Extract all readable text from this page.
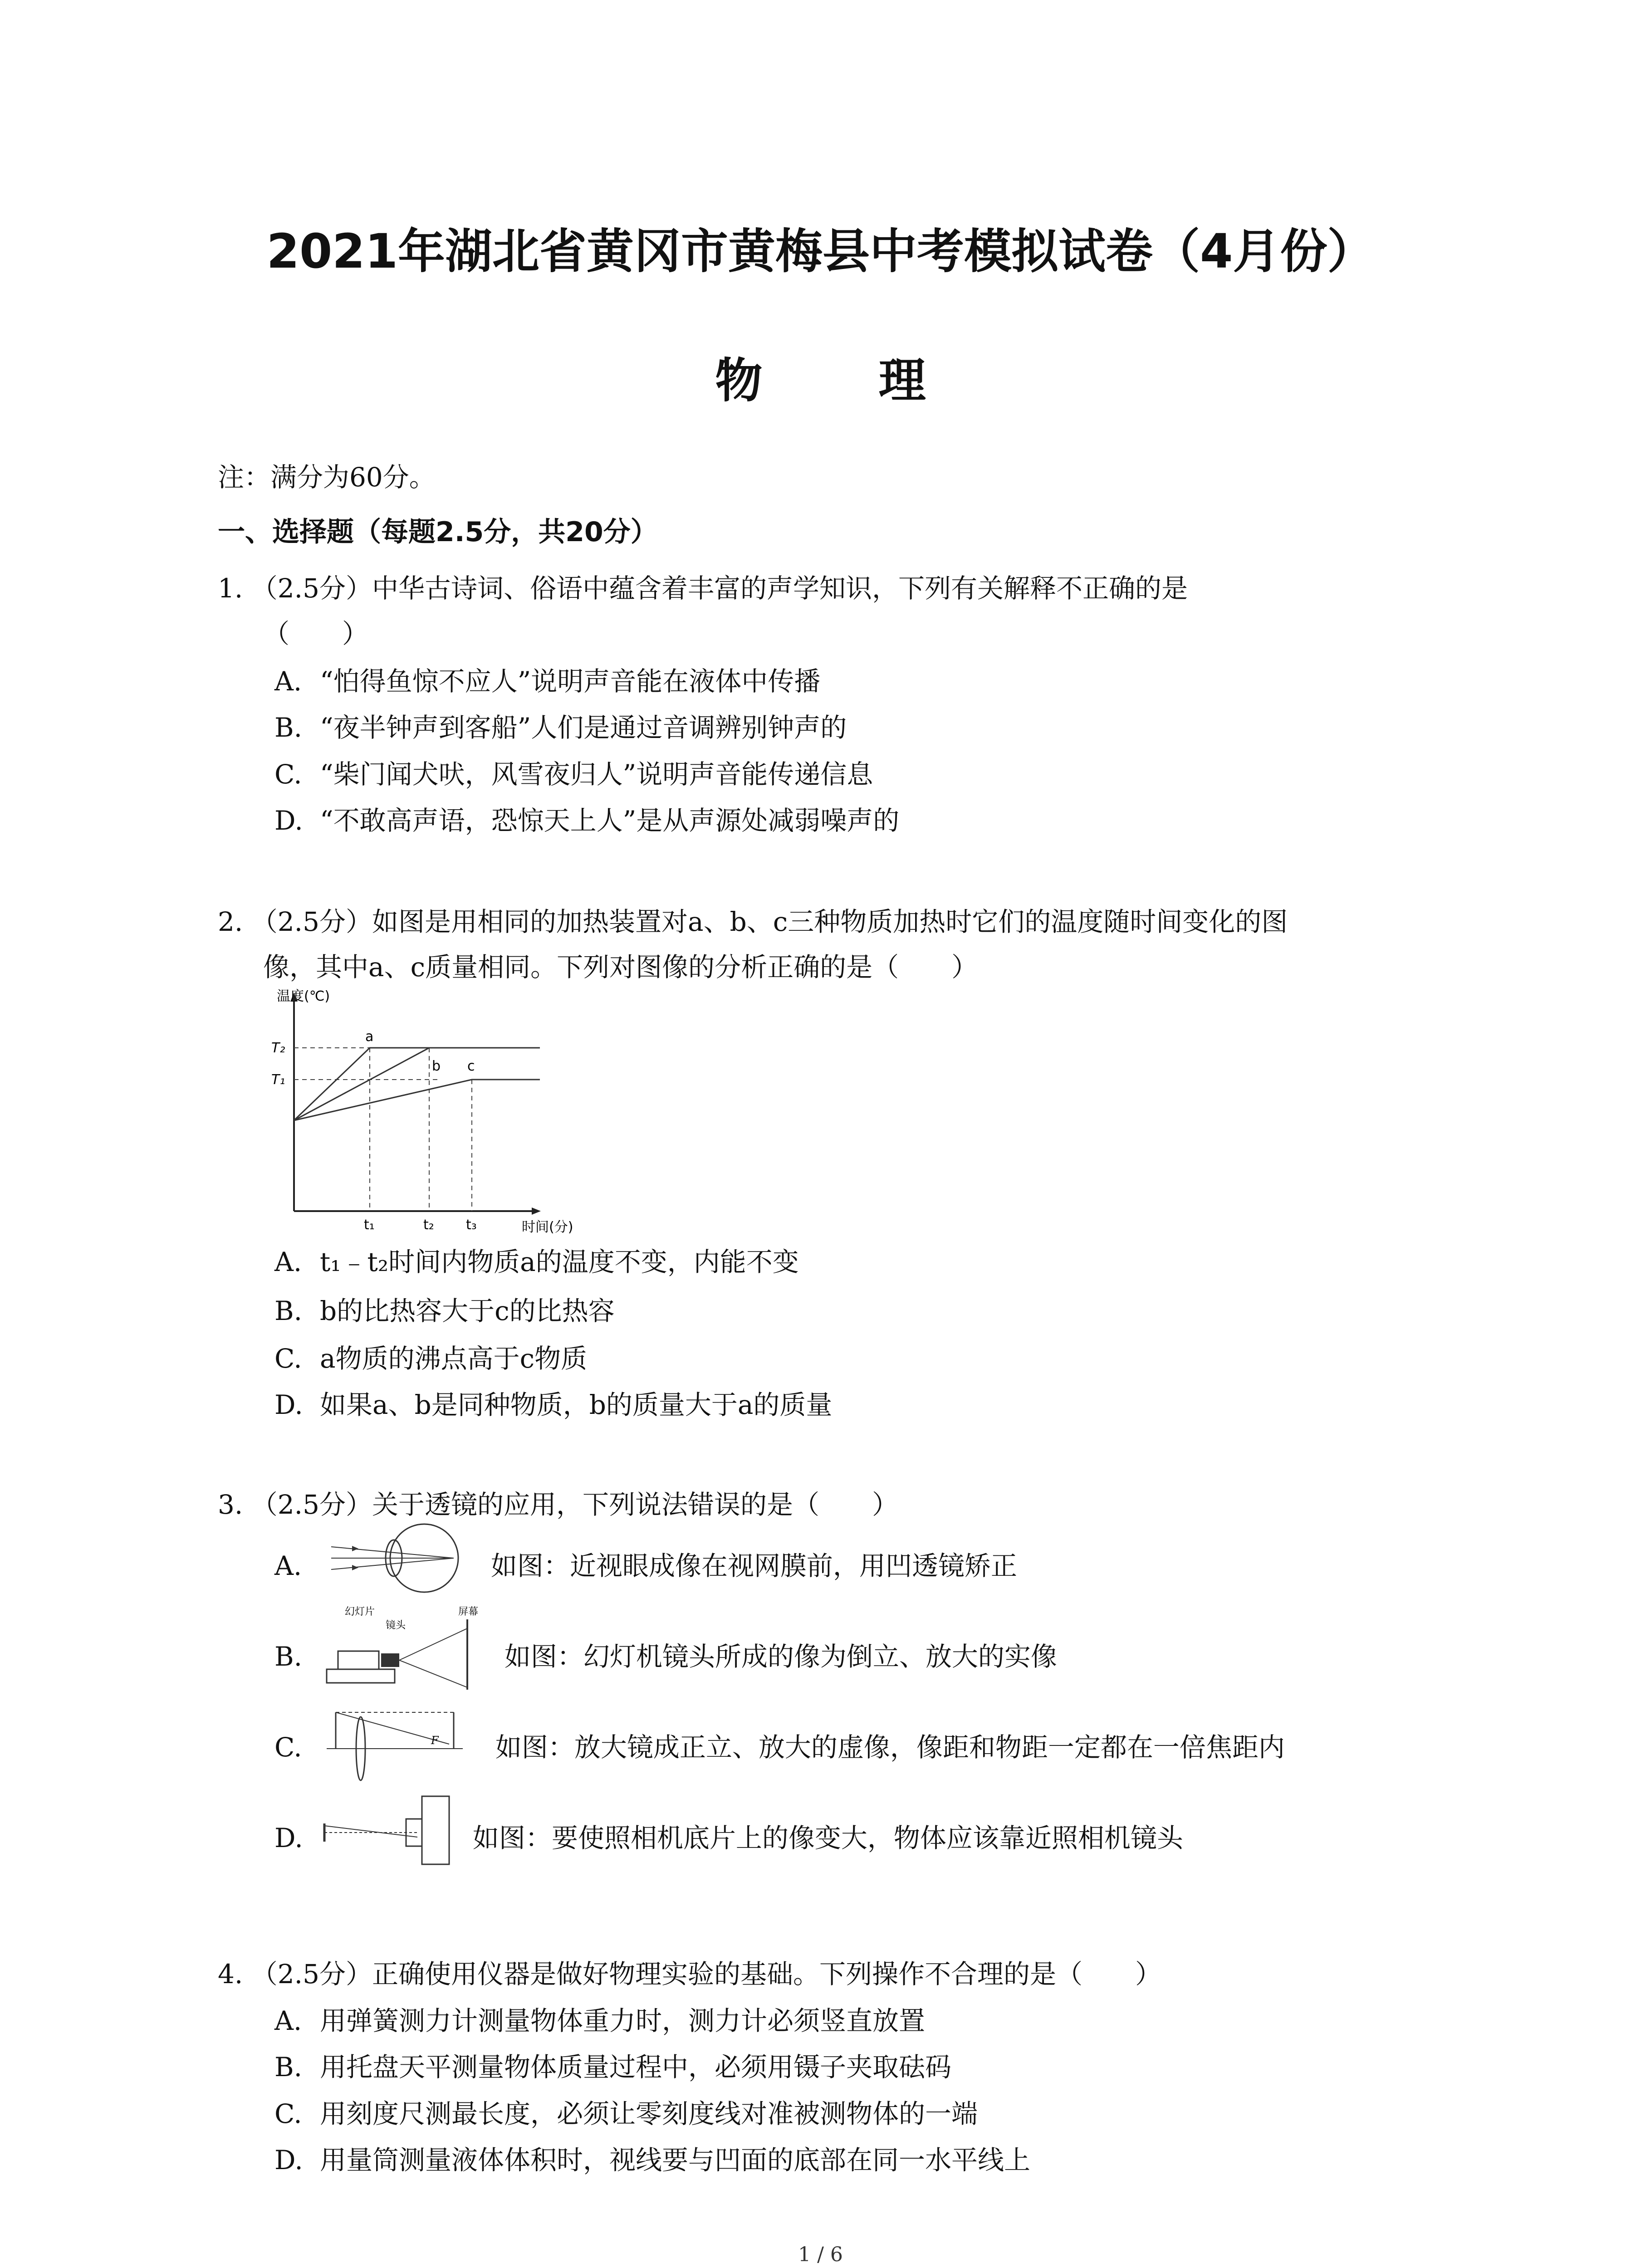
2021年湖北省黄冈市黄梅县中考模拟试卷（4月份）
物 理
注：满分为60分。
一、选择题（每题2.5分，共20分）
1. （2.5分）中华古诗词、俗语中蕴含着丰富的声学知识，下列有关解释不正确的是
（　　）
A. “怕得鱼惊不应人”说明声音能在液体中传播
B. “夜半钟声到客船”人们是通过音调辨别钟声的
C. “柴门闻犬吠，风雪夜归人”说明声音能传递信息
D. “不敢高声语，恐惊天上人”是从声源处减弱噪声的
2. （2.5分）如图是用相同的加热装置对a、b、c三种物质加热时它们的温度随时间变化的图
像，其中a、c质量相同。下列对图像的分析正确的是（　　）
温度(℃)
时间(分)
T₂
T₁
t₁	t₂ t₃
a
b c
A. t₁﹣t₂时间内物质a的温度不变，内能不变
B. b的比热容大于c的比热容
C. a物质的沸点高于c物质
D. 如果a、b是同种物质，b的质量大于a的质量
3. （2.5分）关于透镜的应用，下列说法错误的是（　　）
A.	如图：近视眼成像在视网膜前，用凹透镜矫正
B.	如图：幻灯机镜头所成的像为倒立、放大的实像
幻灯片
镜头
屏幕
C.	如图：放大镜成正立、放大的虚像，像距和物距一定都在一倍焦距内
F
D.	如图：要使照相机底片上的像变大，物体应该靠近照相机镜头
4. （2.5分）正确使用仪器是做好物理实验的基础。下列操作不合理的是（　　）
A. 用弹簧测力计测量物体重力时，测力计必须竖直放置
B. 用托盘天平测量物体质量过程中，必须用镊子夹取砝码
C. 用刻度尺测最长度，必须让零刻度线对准被测物体的一端
D. 用量筒测量液体体积时，视线要与凹面的底部在同一水平线上
1 / 6
